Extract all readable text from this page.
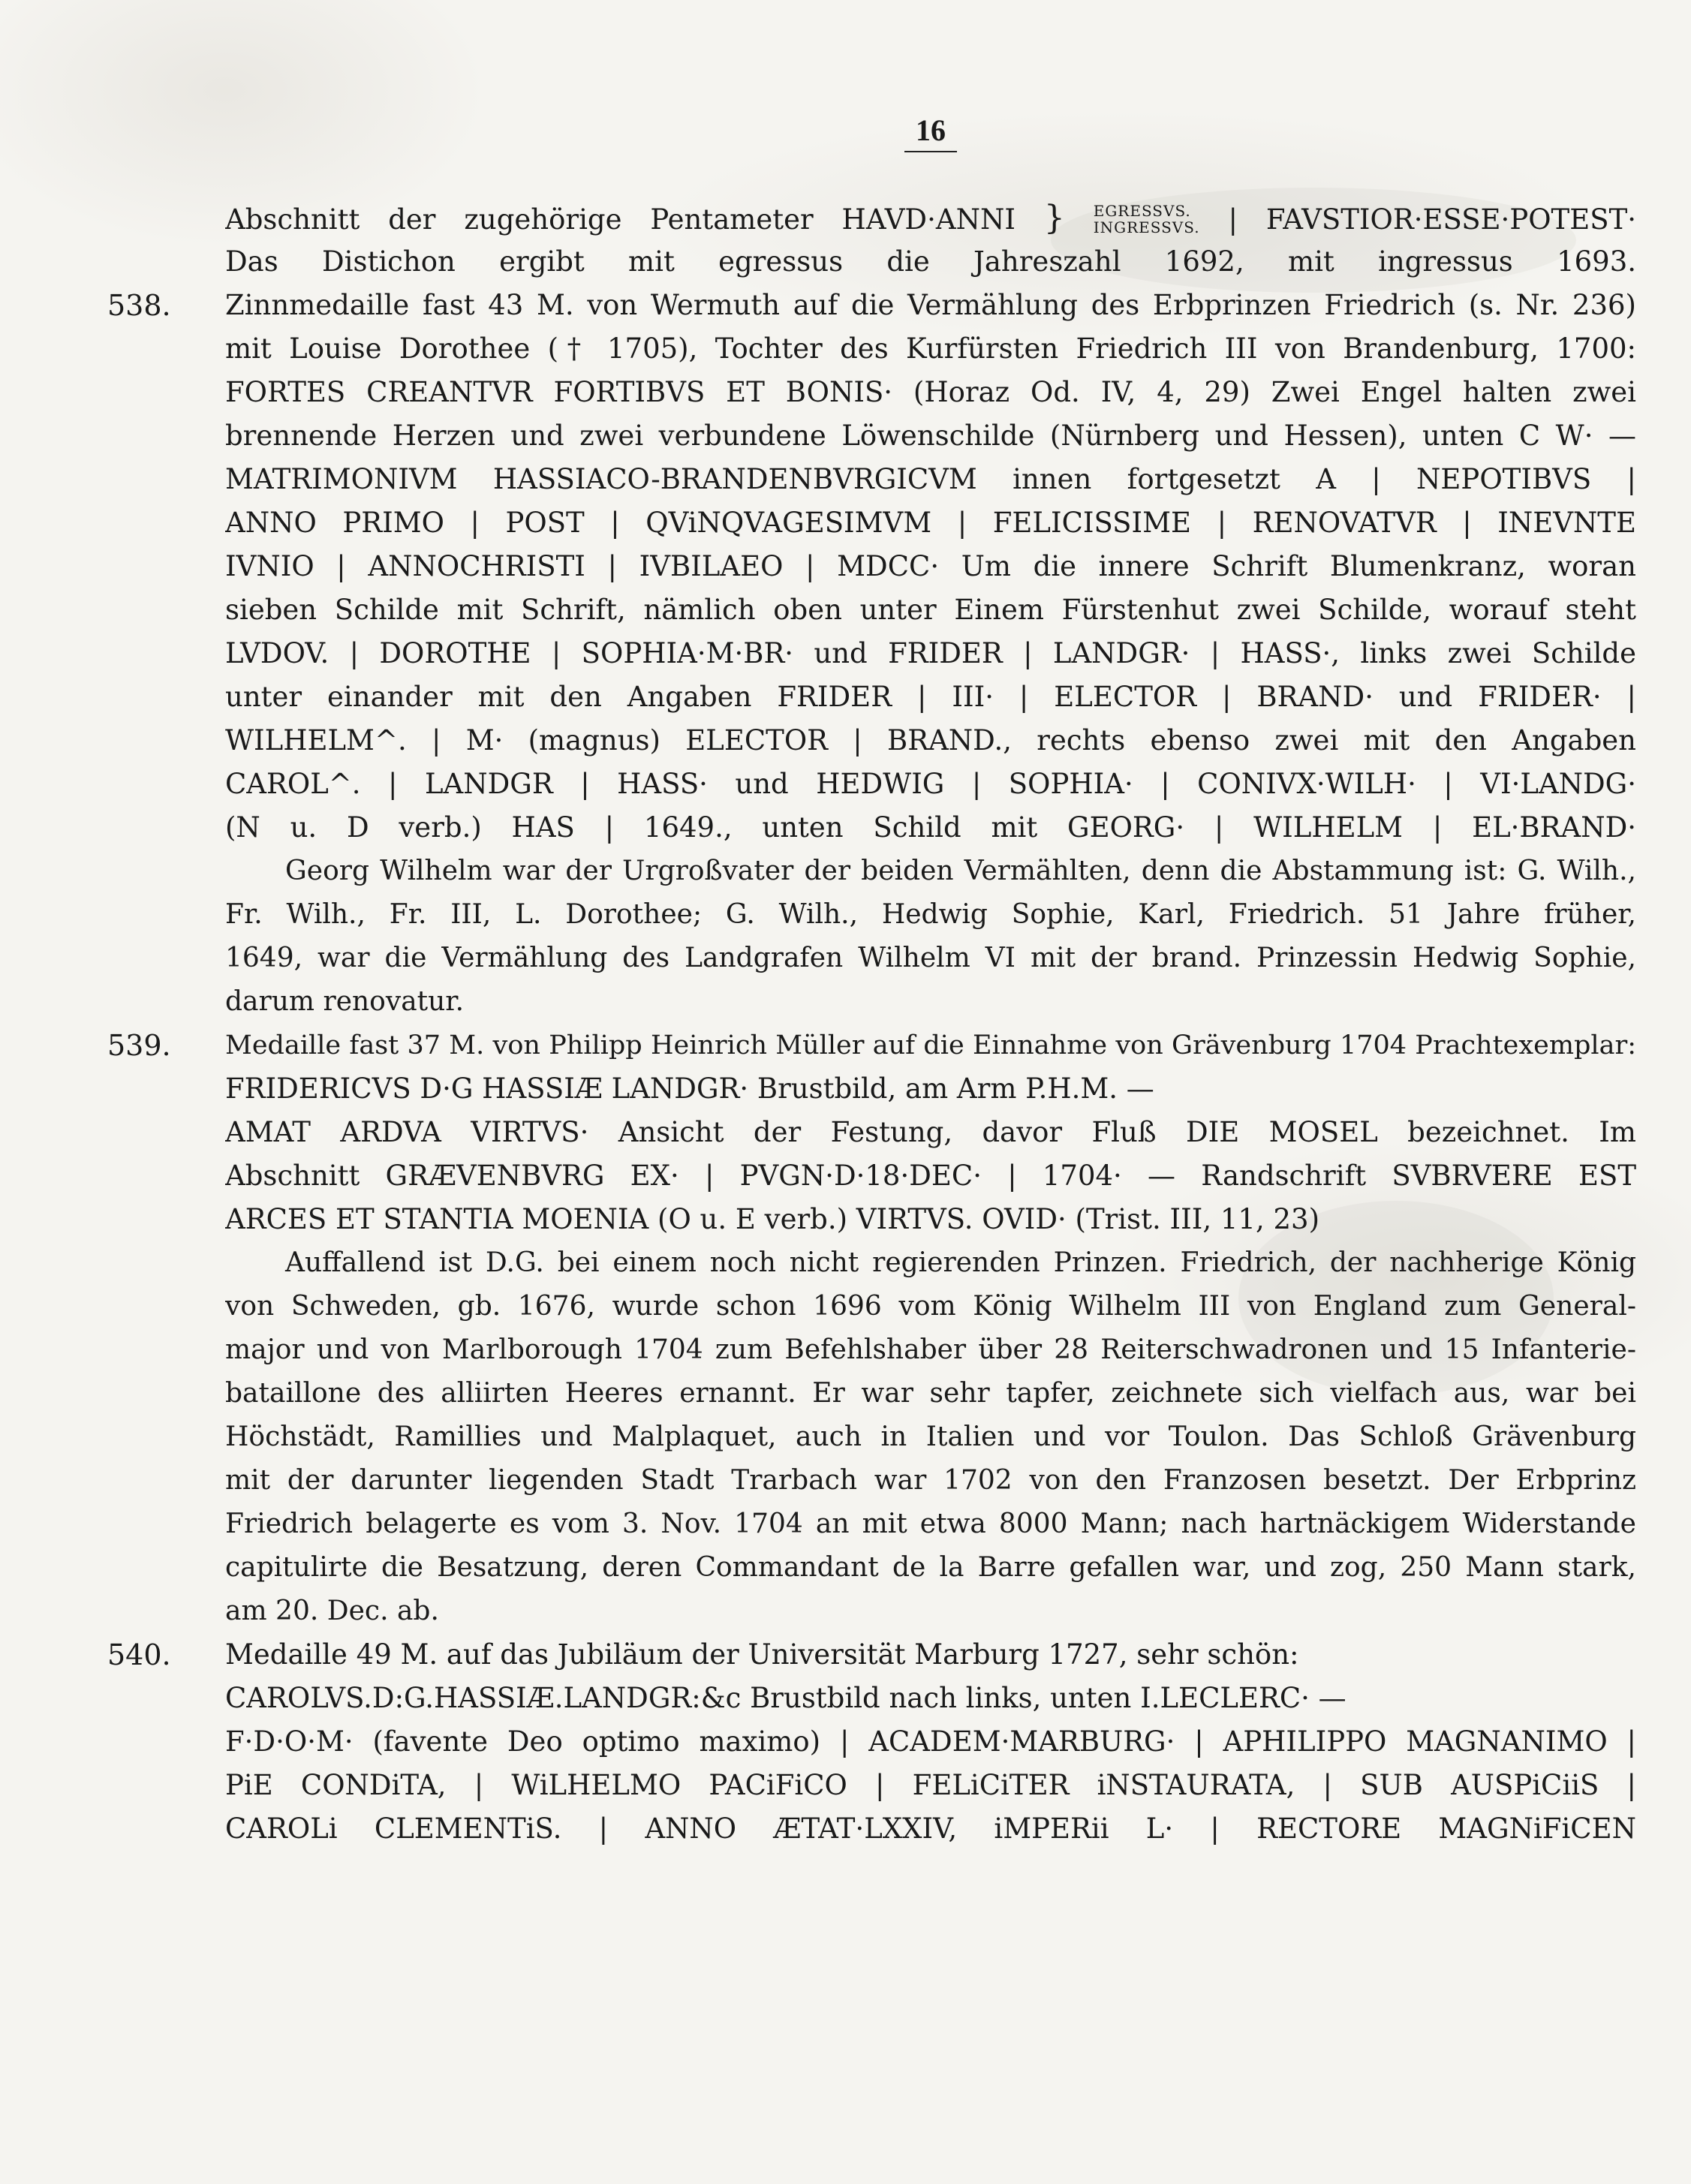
16
Abschnitt der zugehörige Pentameter HAVD·ANNI } EGRESSVS.
INGRESSVS. | FAVSTIOR·ESSE·POTEST·
Das Distichon ergibt mit egressus die Jahreszahl 1692, mit ingressus 1693.
538. Zinnmedaille fast 43 M. von Wermuth auf die Vermählung des Erbprinzen Friedrich (s. Nr. 236)
mit Louise Dorothee († 1705), Tochter des Kurfürsten Friedrich III von Brandenburg, 1700:
FORTES CREANTVR FORTIBVS ET BONIS· (Horaz Od. IV, 4, 29) Zwei Engel halten zwei
brennende Herzen und zwei verbundene Löwenschilde (Nürnberg und Hessen), unten C W· —
MATRIMONIVM HASSIACO-BRANDENBVRGICVM innen fortgesetzt A | NEPOTIBVS |
ANNO PRIMO | POST | QViNQVAGESIMVM | FELICISSIME | RENOVATVR | INEVNTE
IVNIO | ANNOCHRISTI | IVBILAEO | MDCC· Um die innere Schrift Blumenkranz, woran
sieben Schilde mit Schrift, nämlich oben unter Einem Fürstenhut zwei Schilde, worauf steht
LVDOV. | DOROTHE | SOPHIA·M·BR· und FRIDER | LANDGR· | HASS·, links zwei Schilde
unter einander mit den Angaben FRIDER | III· | ELECTOR | BRAND· und FRIDER· |
WILHELM^. | M· (magnus) ELECTOR | BRAND., rechts ebenso zwei mit den Angaben
CAROL^. | LANDGR | HASS· und HEDWIG | SOPHIA· | CONIVX·WILH· | VI·LANDG·
(N u. D verb.) HAS | 1649., unten Schild mit GEORG· | WILHELM | EL·BRAND·
Georg Wilhelm war der Urgroßvater der beiden Vermählten, denn die Abstammung ist: G. Wilh.,
Fr. Wilh., Fr. III, L. Dorothee; G. Wilh., Hedwig Sophie, Karl, Friedrich. 51 Jahre früher,
1649, war die Vermählung des Landgrafen Wilhelm VI mit der brand. Prinzessin Hedwig Sophie,
darum renovatur.
539. Medaille fast 37 M. von Philipp Heinrich Müller auf die Einnahme von Grävenburg 1704 Prachtexemplar:
FRIDERICVS D·G HASSIÆ LANDGR· Brustbild, am Arm P.H.M. —
AMAT ARDVA VIRTVS· Ansicht der Festung, davor Fluß DIE MOSEL bezeichnet. Im
Abschnitt GRÆVENBVRG EX· | PVGN·D·18·DEC· | 1704· — Randschrift SVBRVERE EST
ARCES ET STANTIA MOENIA (O u. E verb.) VIRTVS. OVID· (Trist. III, 11, 23)
Auffallend ist D.G. bei einem noch nicht regierenden Prinzen. Friedrich, der nachherige König
von Schweden, gb. 1676, wurde schon 1696 vom König Wilhelm III von England zum General-
major und von Marlborough 1704 zum Befehlshaber über 28 Reiterschwadronen und 15 Infanterie-
bataillone des alliirten Heeres ernannt. Er war sehr tapfer, zeichnete sich vielfach aus, war bei
Höchstädt, Ramillies und Malplaquet, auch in Italien und vor Toulon. Das Schloß Grävenburg
mit der darunter liegenden Stadt Trarbach war 1702 von den Franzosen besetzt. Der Erbprinz
Friedrich belagerte es vom 3. Nov. 1704 an mit etwa 8000 Mann; nach hartnäckigem Widerstande
capitulirte die Besatzung, deren Commandant de la Barre gefallen war, und zog, 250 Mann stark,
am 20. Dec. ab.
540. Medaille 49 M. auf das Jubiläum der Universität Marburg 1727, sehr schön:
CAROLVS.D:G.HASSIÆ.LANDGR:&c Brustbild nach links, unten I.LECLERC· —
F·D·O·M· (favente Deo optimo maximo) | ACADEM·MARBURG· | APHILIPPO MAGNANIMO |
PiE CONDiTA, | WiLHELMO PACiFiCO | FELiCiTER iNSTAURATA, | SUB AUSPiCiiS |
CAROLi CLEMENTiS. | ANNO ÆTAT·LXXIV, iMPERii L· | RECTORE MAGNiFiCEN
